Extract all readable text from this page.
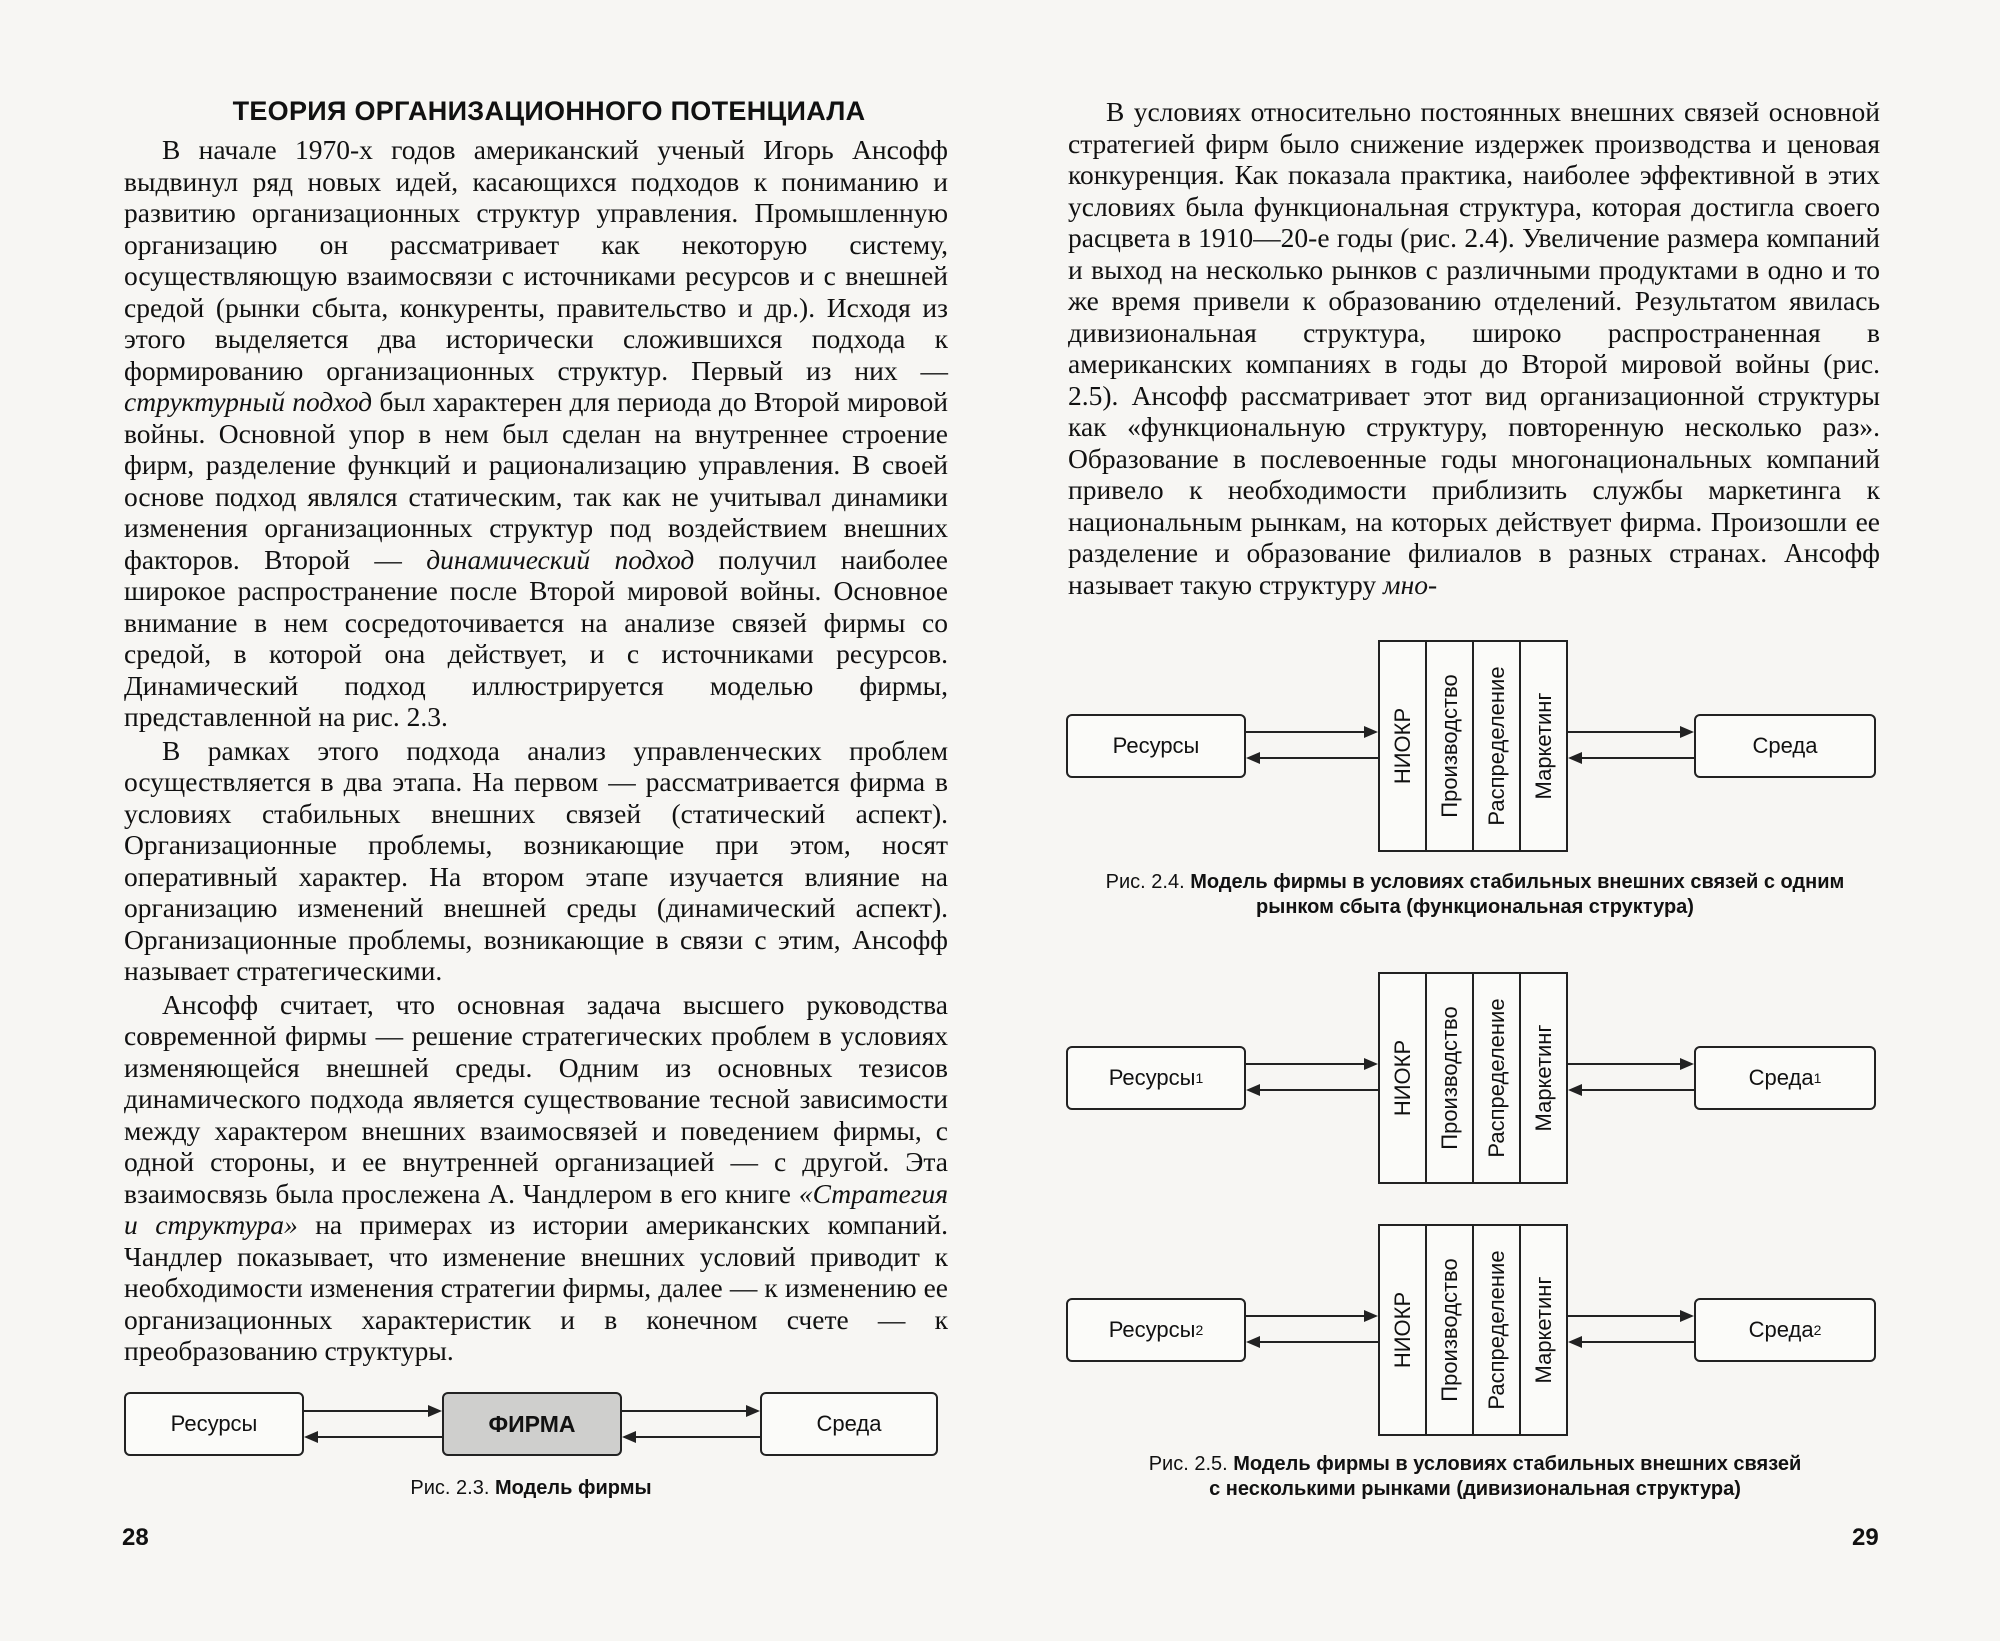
ТЕОРИЯ ОРГАНИЗАЦИОННОГО ПОТЕНЦИАЛА

В начале 1970-х годов американский ученый Игорь Ансофф выдвинул ряд новых идей, касающихся подходов к пониманию и развитию организационных структур управления. Промышленную организацию он рассматривает как некоторую систему, осуществляющую взаимосвязи с источниками ресурсов и с внешней средой (рынки сбыта, конкуренты, правительство и др.). Исходя из этого выделяется два исторически сложившихся подхода к формированию организационных структур. Первый из них — структурный подход был характерен для периода до Второй мировой войны. Основной упор в нем был сделан на внутреннее строение фирм, разделение функций и рационализацию управления. В своей основе подход являлся статическим, так как не учитывал динамики изменения организационных структур под воздействием внешних факторов. Второй — динамический подход получил наиболее широкое распространение после Второй мировой войны. Основное внимание в нем сосредоточивается на анализе связей фирмы со средой, в которой она действует, и с источниками ресурсов. Динамический подход иллюстрируется моделью фирмы, представленной на рис. 2.3.

В рамках этого подхода анализ управленческих проблем осуществляется в два этапа. На первом — рассматривается фирма в условиях стабильных внешних связей (статический аспект). Организационные проблемы, возникающие при этом, носят оперативный характер. На втором этапе изучается влияние на организацию изменений внешней среды (динамический аспект). Организационные проблемы, возникающие в связи с этим, Ансофф называет стратегическими.

Ансофф считает, что основная задача высшего руководства современной фирмы — решение стратегических проблем в условиях изменяющейся внешней среды. Одним из основных тезисов динамического подхода является существование тесной зависимости между характером внешних взаимосвязей и поведением фирмы, с одной стороны, и ее внутренней организацией — с другой. Эта взаимосвязь была прослежена А. Чандлером в его книге «Стратегия и структура» на примерах из истории американских компаний. Чандлер показывает, что изменение внешних условий приводит к необходимости изменения стратегии фирмы, далее — к изменению ее организационных характеристик и в конечном счете — к преобразованию структуры.

Ресурсы	ФИРМА	Среда
Рис. 2.3. Модель фирмы
28

В условиях относительно постоянных внешних связей основной стратегией фирм было снижение издержек производства и ценовая конкуренция. Как показала практика, наиболее эффективной в этих условиях была функциональная структура, которая достигла своего расцвета в 1910—20-е годы (рис. 2.4). Увеличение размера компаний и выход на несколько рынков с различными продуктами в одно и то же время привели к образованию отделений. Результатом явилась дивизиональная структура, широко распространенная в американских компаниях в годы до Второй мировой войны (рис. 2.5). Ансофф рассматривает этот вид организационной структуры как «функциональную структуру, повторенную несколько раз». Образование в послевоенные годы многонациональных компаний привело к необходимости приблизить службы маркетинга к национальным рынкам, на которых действует фирма. Произошли ее разделение и образование филиалов в разных странах. Ансофф называет такую структуру мно-

Ресурсы	НИОКР Производство Распределение Маркетинг	Среда
Рис. 2.4. Модель фирмы в условиях стабильных внешних связей с одним
рынком сбыта (функциональная структура)
Ресурсы 1	НИОКР Производство Распределение Маркетинг	Среда 1
Ресурсы 2	НИОКР Производство Распределение Маркетинг	Среда 2
Рис. 2.5. Модель фирмы в условиях стабильных внешних связей
с несколькими рынками (дивизиональная структура)
29
